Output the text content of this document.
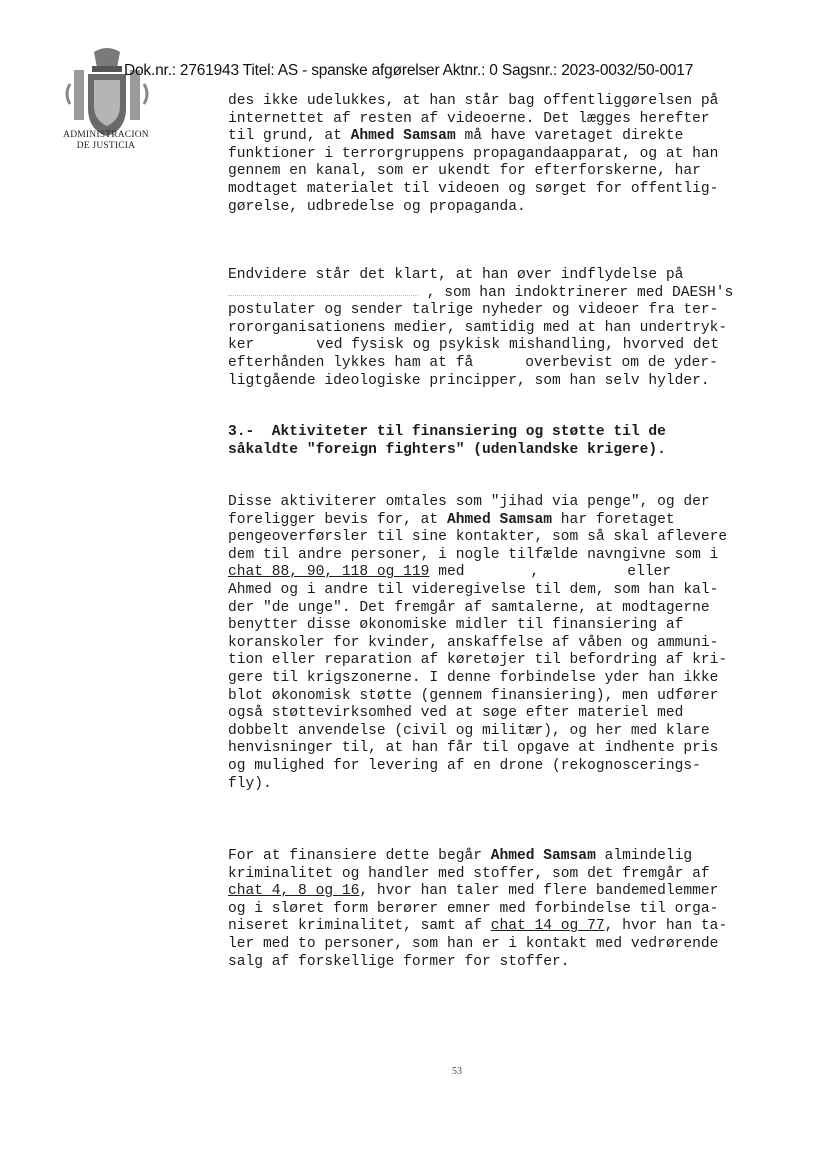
ADMINISTRACION
DE JUSTICIA
Dok.nr.: 2761943 Titel: AS - spanske afgørelser Aktnr.: 0 Sagsnr.: 2023-0032/50-0017

des ikke udelukkes, at han står bag offentliggørelsen på

internettet af resten af videoerne. Det lægges herefter

til grund, at Ahmed Samsam må have varetaget direkte

funktioner i terrorgruppens propagandaapparat, og at han

gennem en kanal, som er ukendt for efterforskerne, har

modtaget materialet til videoen og sørget for offentlig-

gørelse, udbredelse og propaganda.

Endvidere står det klart, at han øver indflydelse på

, som han indoktrinerer med DAESH's

postulater og sender talrige nyheder og videoer fra ter-

rororganisationens medier, samtidig med at han undertryk-

ker	ved fysisk og psykisk mishandling, hvorved det

efterhånden lykkes ham at få	overbevist om de yder-

ligtgående ideologiske principper, som han selv hylder.

3.-  Aktiviteter til finansiering og støtte til de

såkaldte "foreign fighters" (udenlandske krigere).

Disse aktiviterer omtales som "jihad via penge", og der

foreligger bevis for, at Ahmed Samsam har foretaget

pengeoverførsler til sine kontakter, som så skal aflevere

dem til andre personer, i nogle tilfælde navngivne som i

chat 88, 90, 118 og 119 med	,	eller

Ahmed og i andre til videregivelse til dem, som han kal-

der "de unge". Det fremgår af samtalerne, at modtagerne

benytter disse økonomiske midler til finansiering af

koranskoler for kvinder, anskaffelse af våben og ammuni-

tion eller reparation af køretøjer til befordring af kri-

gere til krigszonerne. I denne forbindelse yder han ikke

blot økonomisk støtte (gennem finansiering), men udfører

også støttevirksomhed ved at søge efter materiel med

dobbelt anvendelse (civil og militær), og her med klare

henvisninger til, at han får til opgave at indhente pris

og mulighed for levering af en drone (rekognoscerings-

fly).

For at finansiere dette begår Ahmed Samsam almindelig

kriminalitet og handler med stoffer, som det fremgår af

chat 4, 8 og 16, hvor han taler med flere bandemedlemmer

og i sløret form berører emner med forbindelse til orga-

niseret kriminalitet, samt af chat 14 og 77, hvor han ta-

ler med to personer, som han er i kontakt med vedrørende

salg af forskellige former for stoffer.

53
